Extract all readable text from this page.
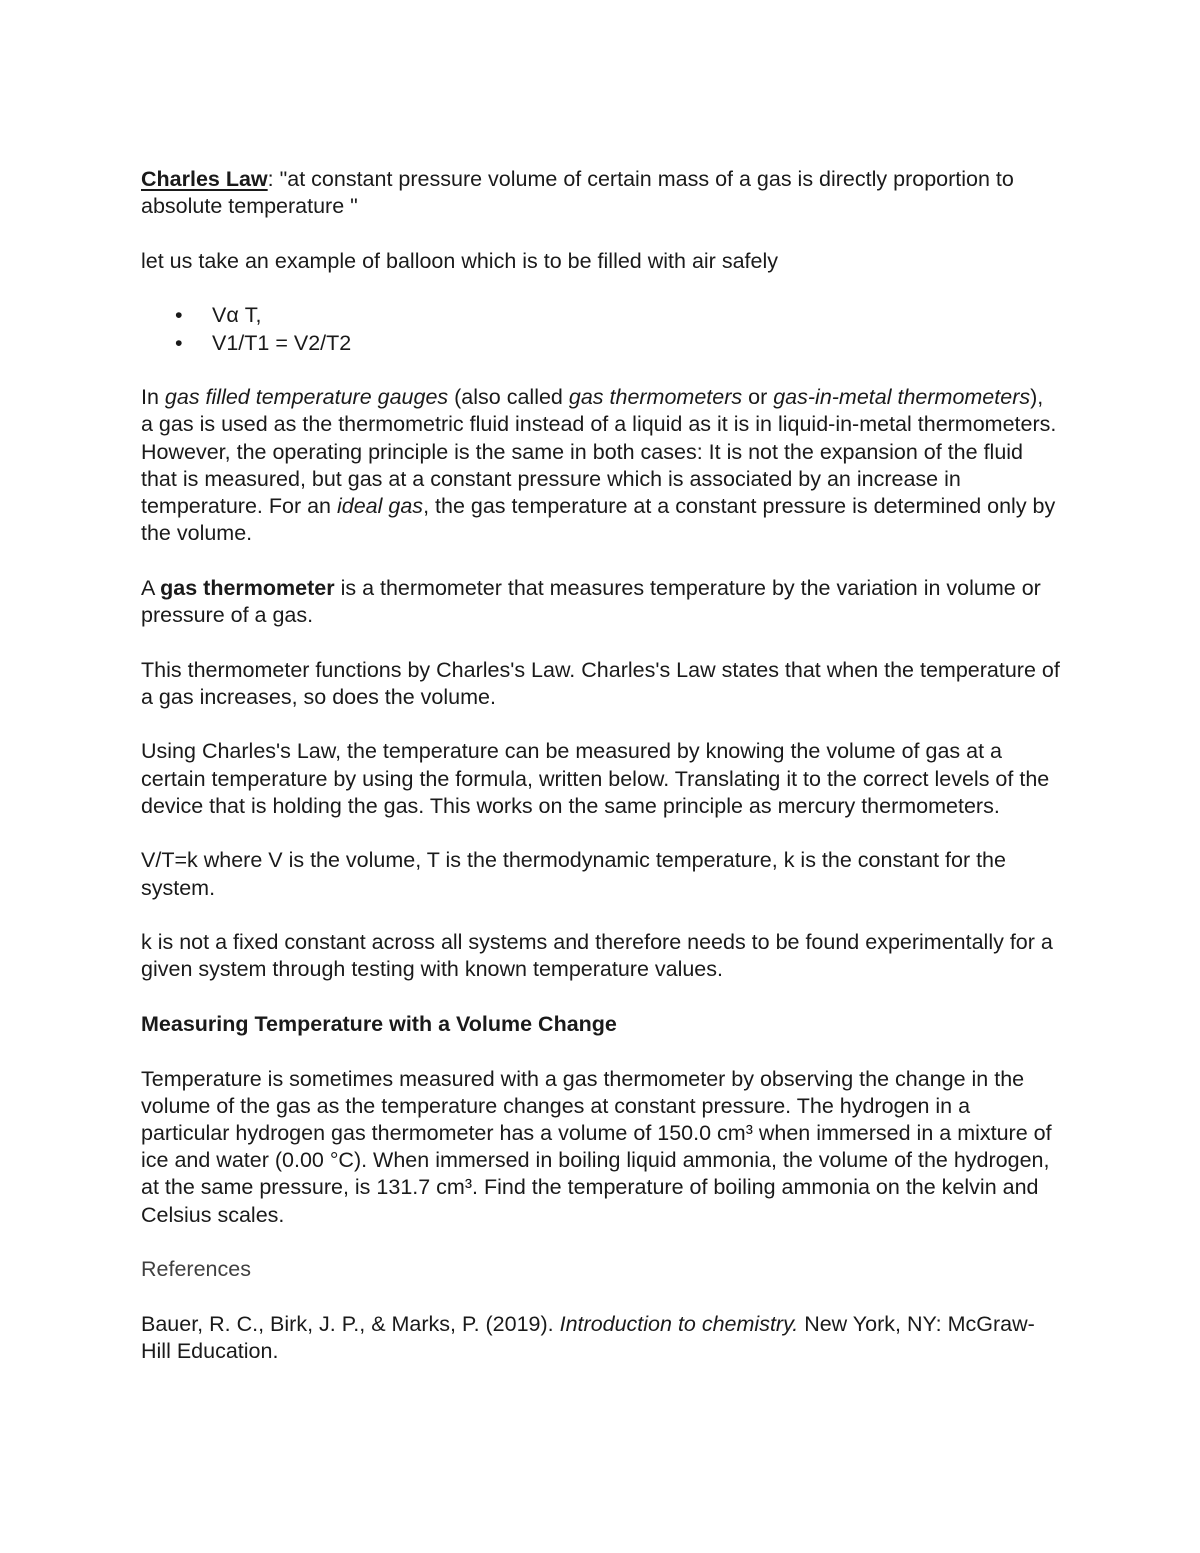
Charles Law: "at constant pressure volume of certain mass of a gas is directly proportion to absolute temperature "

let us take an example of balloon which is to be filled with air safely

• Vα T,
• V1/T1 = V2/T2

In gas filled temperature gauges (also called gas thermometers or gas-in-metal thermometers), a gas is used as the thermometric fluid instead of a liquid as it is in liquid-in-metal thermometers. However, the operating principle is the same in both cases: It is not the expansion of the fluid that is measured, but gas at a constant pressure which is associated by an increase in temperature. For an ideal gas, the gas temperature at a constant pressure is determined only by the volume.

A gas thermometer is a thermometer that measures temperature by the variation in volume or pressure of a gas.

This thermometer functions by Charles's Law. Charles's Law states that when the temperature of a gas increases, so does the volume.

Using Charles's Law, the temperature can be measured by knowing the volume of gas at a certain temperature by using the formula, written below. Translating it to the correct levels of the device that is holding the gas. This works on the same principle as mercury thermometers.

V/T=k where V is the volume, T is the thermodynamic temperature, k is the constant for the system.

k is not a fixed constant across all systems and therefore needs to be found experimentally for a given system through testing with known temperature values.

Measuring Temperature with a Volume Change

Temperature is sometimes measured with a gas thermometer by observing the change in the volume of the gas as the temperature changes at constant pressure. The hydrogen in a particular hydrogen gas thermometer has a volume of 150.0 cm³ when immersed in a mixture of ice and water (0.00 °C). When immersed in boiling liquid ammonia, the volume of the hydrogen, at the same pressure, is 131.7 cm³. Find the temperature of boiling ammonia on the kelvin and Celsius scales.

References

Bauer, R. C., Birk, J. P., & Marks, P. (2019). Introduction to chemistry. New York, NY: McGraw-Hill Education.
